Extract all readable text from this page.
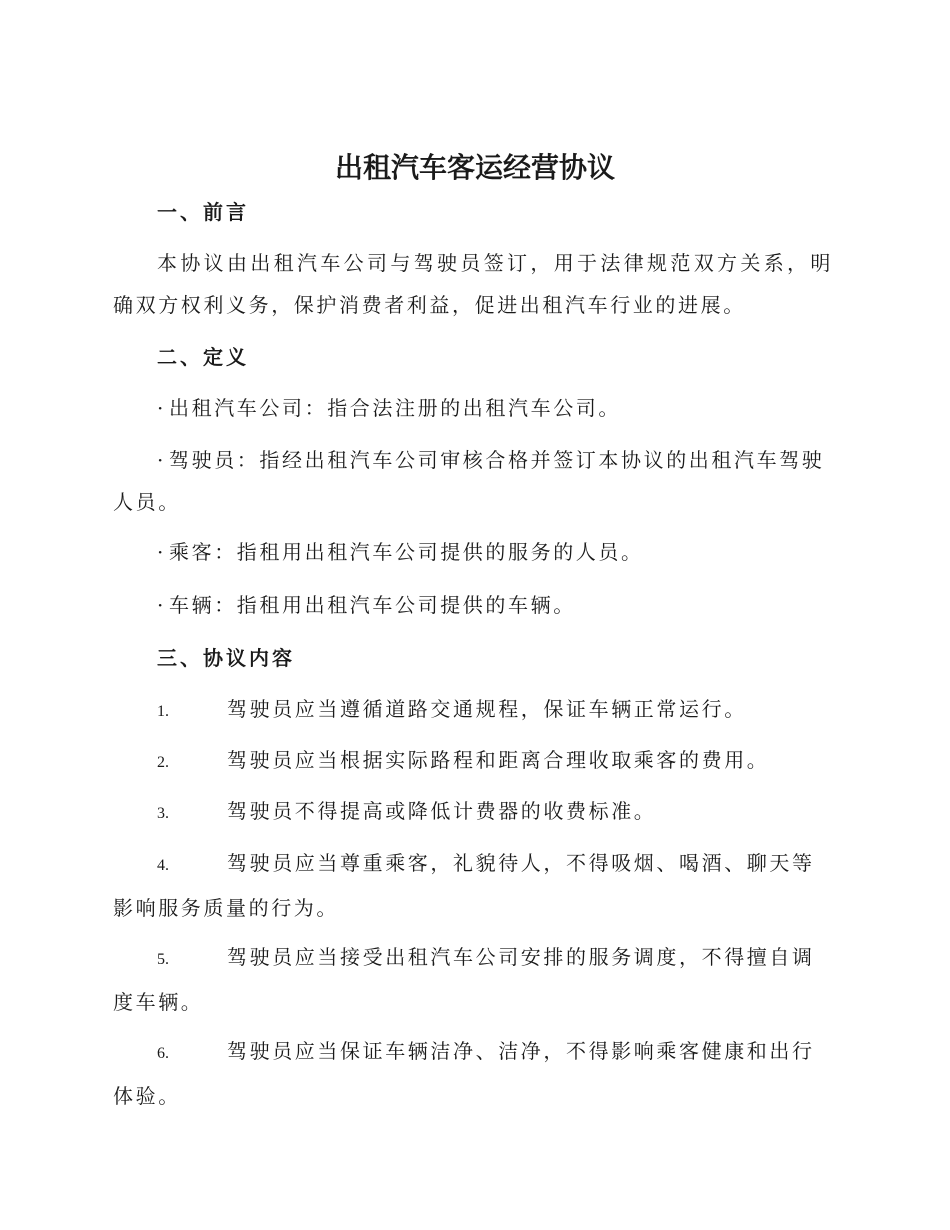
出租汽车客运经营协议
一、前言
本协议由出租汽车公司与驾驶员签订，用于法律规范双方关系，明确双方权利义务，保护消费者利益，促进出租汽车行业的进展。
二、定义
· 出租汽车公司：指合法注册的出租汽车公司。
· 驾驶员：指经出租汽车公司审核合格并签订本协议的出租汽车驾驶人员。
· 乘客：指租用出租汽车公司提供的服务的人员。
· 车辆：指租用出租汽车公司提供的车辆。
三、协议内容
1.	驾驶员应当遵循道路交通规程，保证车辆正常运行。
2.	驾驶员应当根据实际路程和距离合理收取乘客的费用。
3.	驾驶员不得提高或降低计费器的收费标准。
4.	驾驶员应当尊重乘客，礼貌待人，不得吸烟、喝酒、聊天等影响服务质量的行为。
5.	驾驶员应当接受出租汽车公司安排的服务调度，不得擅自调度车辆。
6.	驾驶员应当保证车辆洁净、洁净，不得影响乘客健康和出行体验。
